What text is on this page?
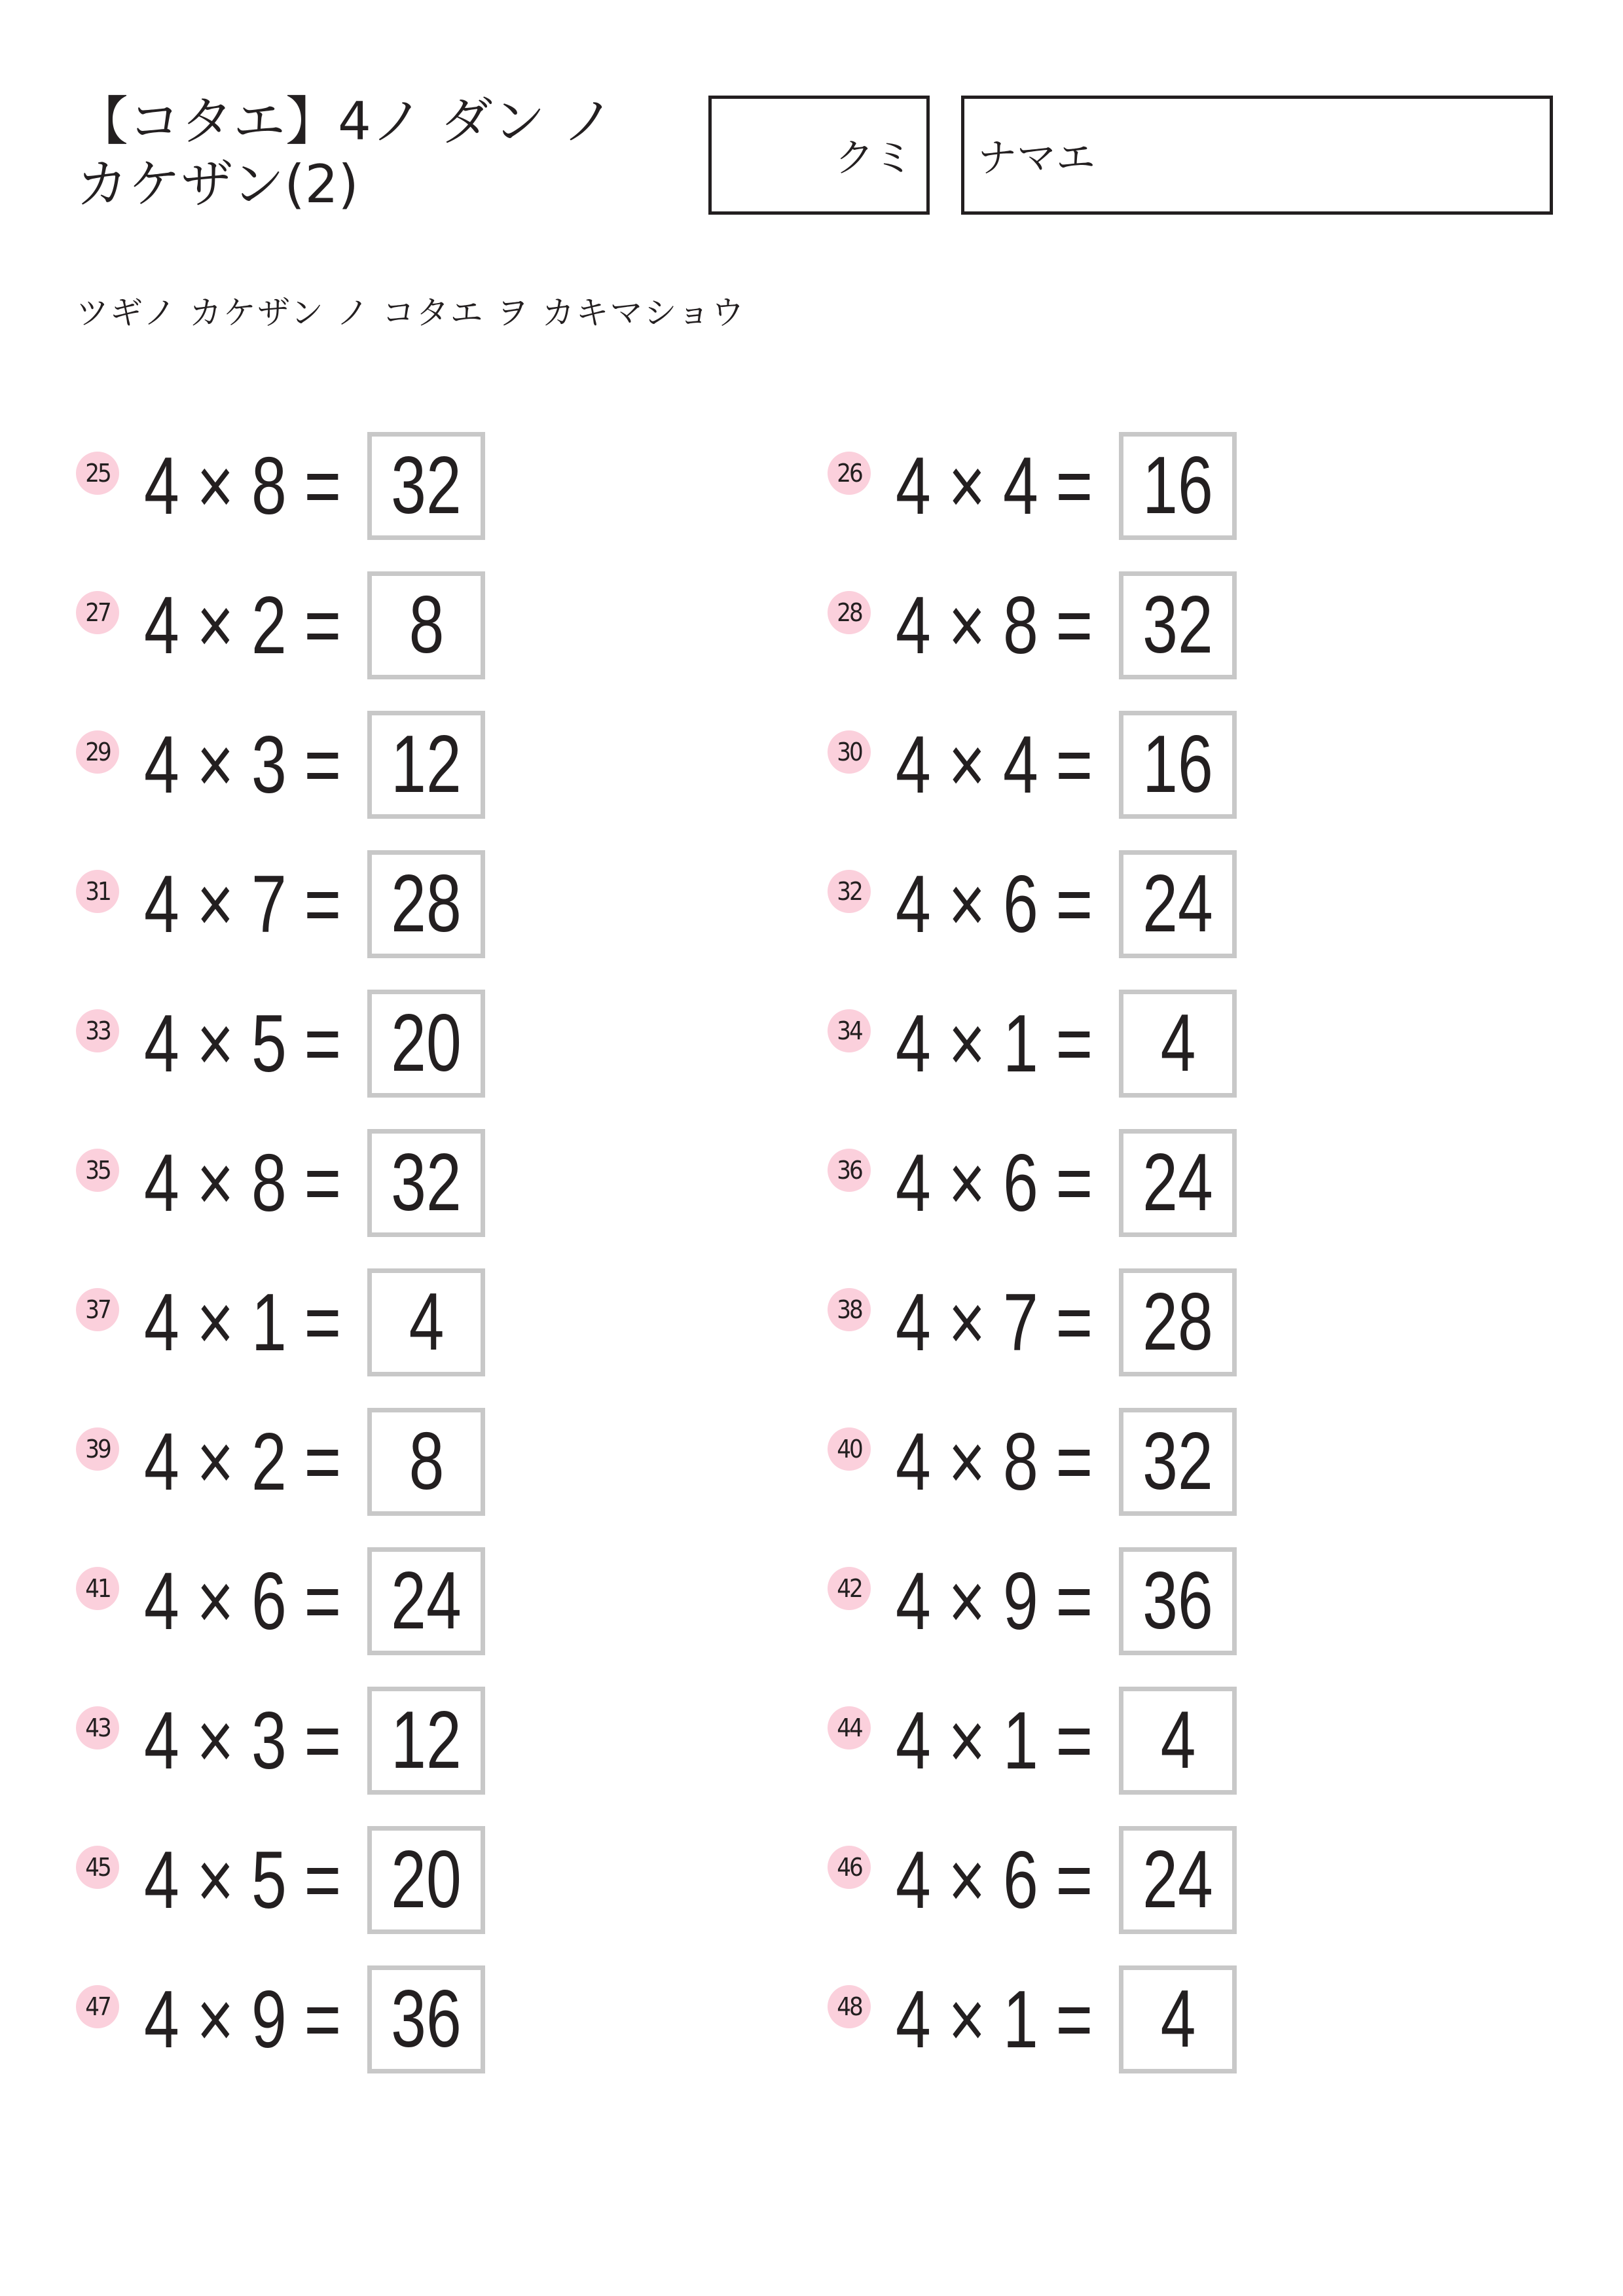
【コタエ】4ノ ダン ノ
カケザン(2)	クミ ナマエ
ツギノ カケザン ノ コタエ ヲ カキマショウ
25 4 × 8 = 32	26 4 × 4 = 16
27 4 × 2 = 8	28 4 × 8 = 32
29 4 × 3 = 12	30 4 × 4 = 16
31 4 × 7 = 28	32 4 × 6 = 24
33 4 × 5 = 20	34 4 × 1 = 4
35 4 × 8 = 32	36 4 × 6 = 24
37 4 × 1 = 4	38 4 × 7 = 28
39 4 × 2 = 8	40 4 × 8 = 32
41 4 × 6 = 24	42 4 × 9 = 36
43 4 × 3 = 12	44 4 × 1 = 4
45 4 × 5 = 20	46 4 × 6 = 24
47 4 × 9 = 36	48 4 × 1 = 4
